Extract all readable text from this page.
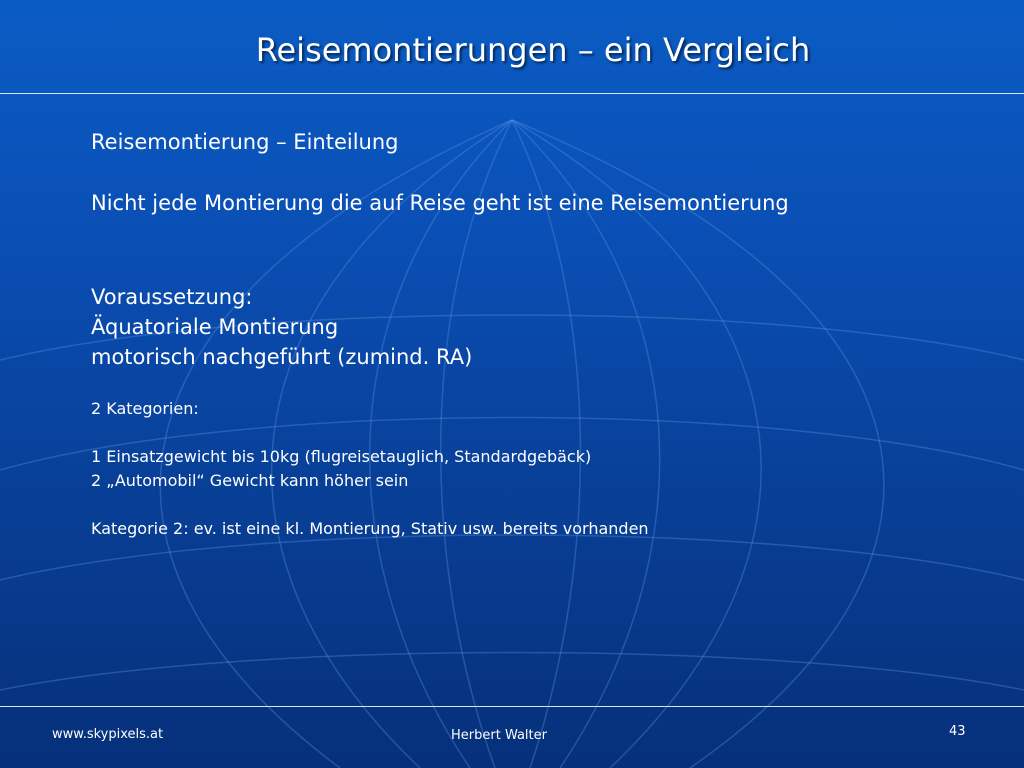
Reisemontierungen – ein Vergleich
Reisemontierung – Einteilung
Nicht jede Montierung die auf Reise geht ist eine Reisemontierung
Voraussetzung:
Äquatoriale Montierung
motorisch nachgeführt (zumind. RA)
2 Kategorien:
1 Einsatzgewicht bis 10kg (flugreisetauglich, Standardgebäck)
2 „Automobil“ Gewicht kann höher sein
Kategorie 2: ev. ist eine kl. Montierung, Stativ usw. bereits vorhanden
www.skypixels.at	Herbert Walter	43
